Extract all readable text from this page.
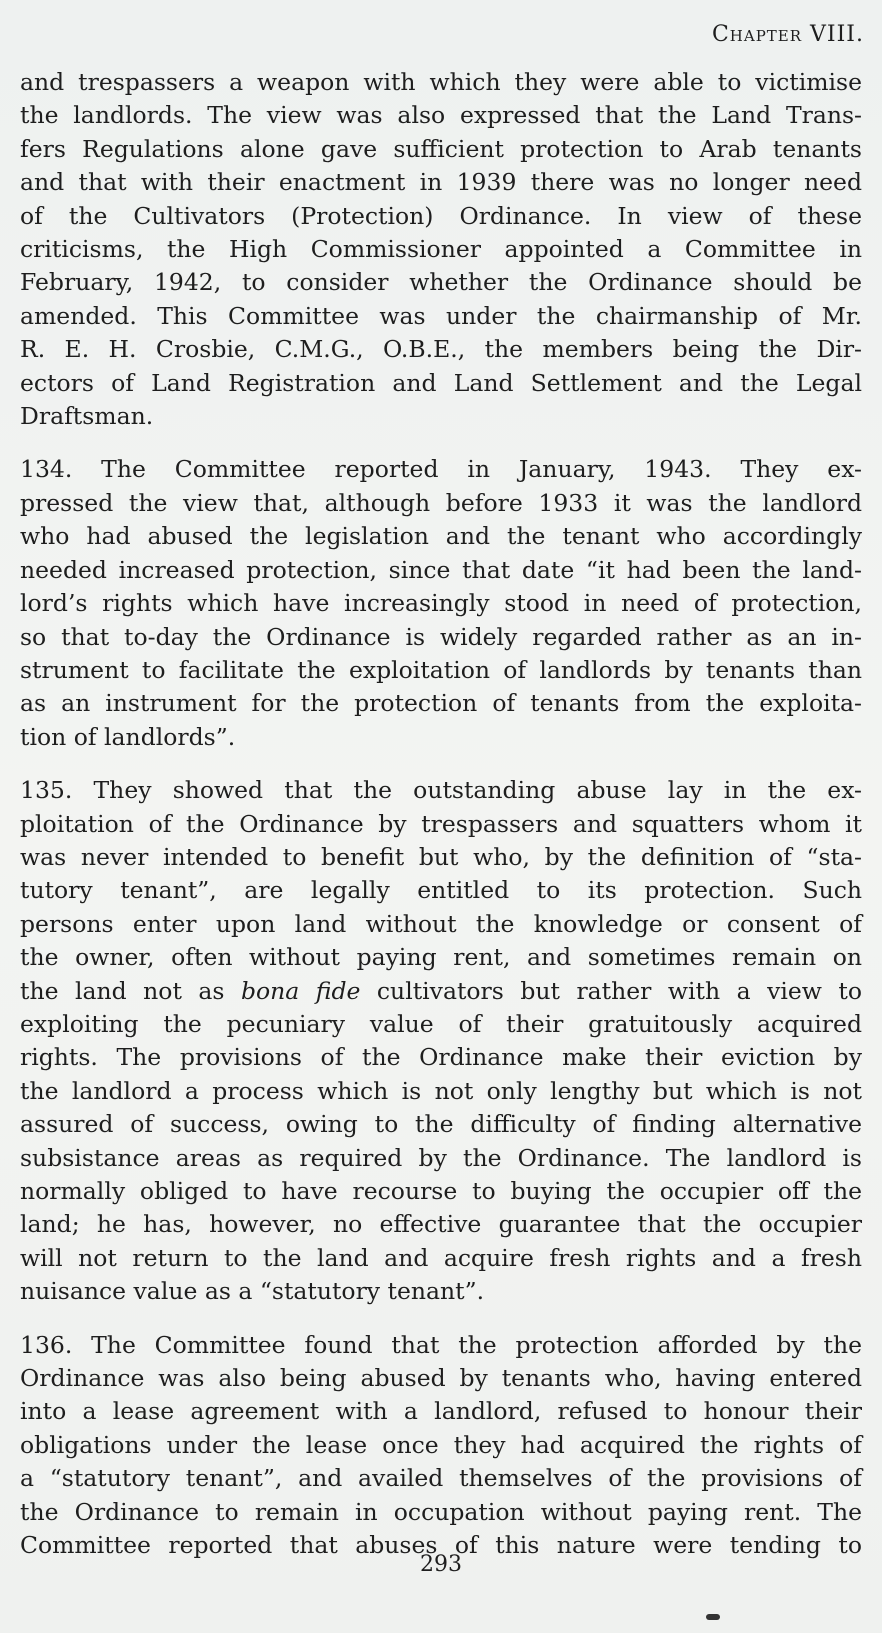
Chapter VIII.
and trespassers a weapon with which they were able to victimise
the landlords. The view was also expressed that the Land Trans-
fers Regulations alone gave sufficient protection to Arab tenants
and that with their enactment in 1939 there was no longer need
of the Cultivators (Protection) Ordinance. In view of these
criticisms, the High Commissioner appointed a Committee in
February, 1942, to consider whether the Ordinance should be
amended. This Committee was under the chairmanship of Mr.
R. E. H. Crosbie, C.M.G., O.B.E., the members being the Dir-
ectors of Land Registration and Land Settlement and the Legal
Draftsman.
134. The Committee reported in January, 1943. They ex-
pressed the view that, although before 1933 it was the landlord
who had abused the legislation and the tenant who accordingly
needed increased protection, since that date “it had been the land-
lord’s rights which have increasingly stood in need of protection,
so that to-day the Ordinance is widely regarded rather as an in-
strument to facilitate the exploitation of landlords by tenants than
as an instrument for the protection of tenants from the exploita-
tion of landlords”.
135. They showed that the outstanding abuse lay in the ex-
ploitation of the Ordinance by trespassers and squatters whom it
was never intended to benefit but who, by the definition of “sta-
tutory tenant”, are legally entitled to its protection. Such
persons enter upon land without the knowledge or consent of
the owner, often without paying rent, and sometimes remain on
the land not as bona fide cultivators but rather with a view to
exploiting the pecuniary value of their gratuitously acquired
rights. The provisions of the Ordinance make their eviction by
the landlord a process which is not only lengthy but which is not
assured of success, owing to the difficulty of finding alternative
subsistance areas as required by the Ordinance. The landlord is
normally obliged to have recourse to buying the occupier off the
land; he has, however, no effective guarantee that the occupier
will not return to the land and acquire fresh rights and a fresh
nuisance value as a “statutory tenant”.
136. The Committee found that the protection afforded by the
Ordinance was also being abused by tenants who, having entered
into a lease agreement with a landlord, refused to honour their
obligations under the lease once they had acquired the rights of
a “statutory tenant”, and availed themselves of the provisions of
the Ordinance to remain in occupation without paying rent. The
Committee reported that abuses of this nature were tending to
293
